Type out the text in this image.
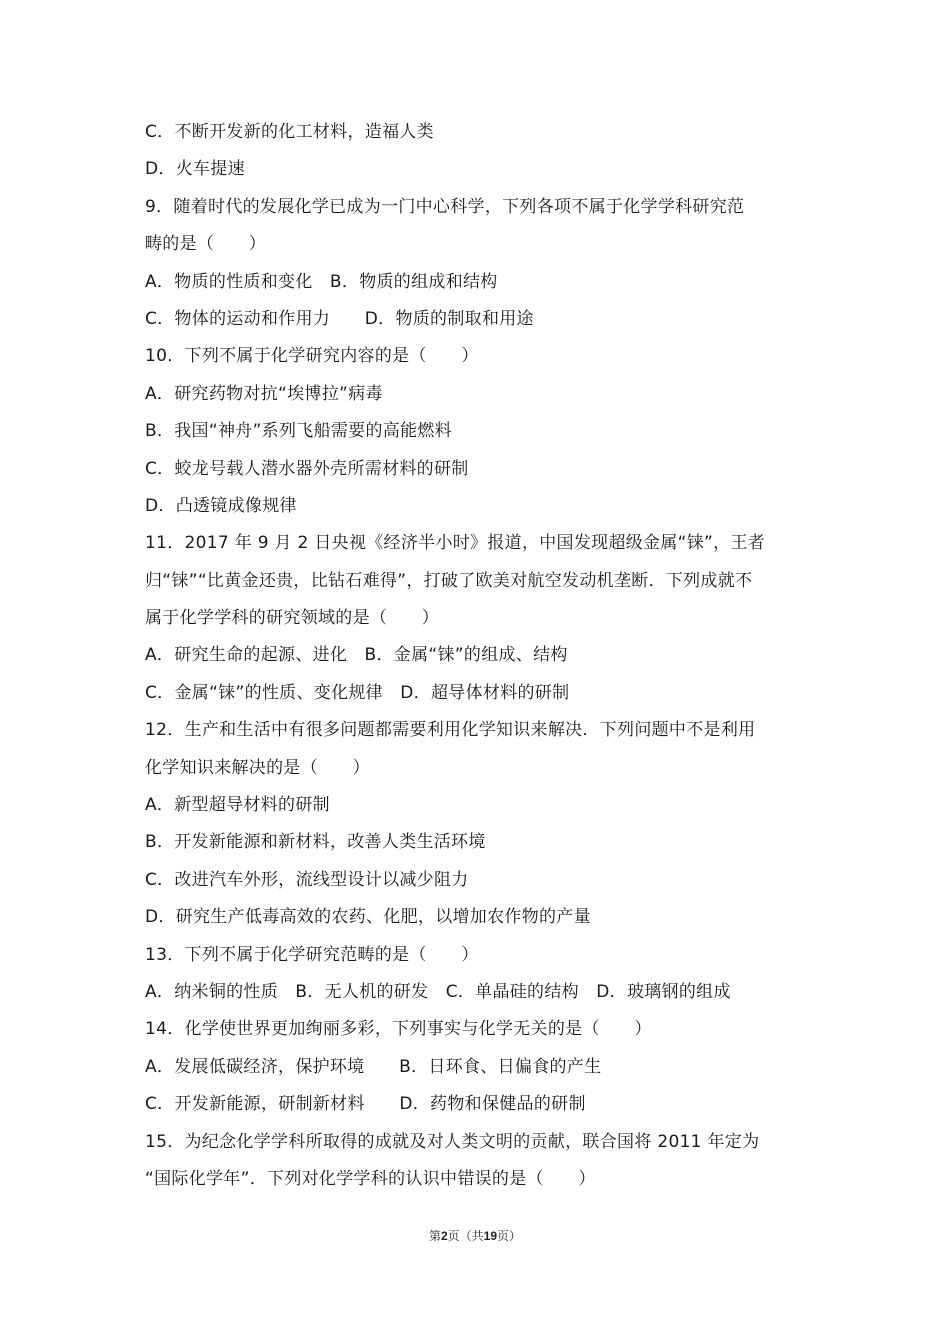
C．不断开发新的化工材料，造福人类
D．火车提速
9．随着时代的发展化学已成为一门中心科学，下列各项不属于化学学科研究范
畴的是（　　）
A．物质的性质和变化　B．物质的组成和结构
C．物体的运动和作用力　　D．物质的制取和用途
10．下列不属于化学研究内容的是（　　）
A．研究药物对抗“埃博拉”病毒
B．我国“神舟”系列飞船需要的高能燃料
C．蛟龙号载人潜水器外壳所需材料的研制
D．凸透镜成像规律
11．2017 年 9 月 2 日央视《经济半小时》报道，中国发现超级金属“铼”，王者
归“铼”“比黄金还贵，比钻石难得”，打破了欧美对航空发动机垄断．下列成就不
属于化学学科的研究领域的是（　　）
A．研究生命的起源、进化　B．金属“铼”的组成、结构
C．金属“铼”的性质、变化规律　D．超导体材料的研制
12．生产和生活中有很多问题都需要利用化学知识来解决．下列问题中不是利用
化学知识来解决的是（　　）
A．新型超导材料的研制
B．开发新能源和新材料，改善人类生活环境
C．改进汽车外形，流线型设计以减少阻力
D．研究生产低毒高效的农药、化肥，以增加农作物的产量
13．下列不属于化学研究范畴的是（　　）
A．纳米铜的性质　B．无人机的研发　C．单晶硅的结构　D．玻璃钢的组成
14．化学使世界更加绚丽多彩，下列事实与化学无关的是（　　）
A．发展低碳经济，保护环境　　B．日环食、日偏食的产生
C．开发新能源，研制新材料　　D．药物和保健品的研制
15．为纪念化学学科所取得的成就及对人类文明的贡献，联合国将 2011 年定为
“国际化学年”．下列对化学学科的认识中错误的是（　　）
第2页（共19页）
